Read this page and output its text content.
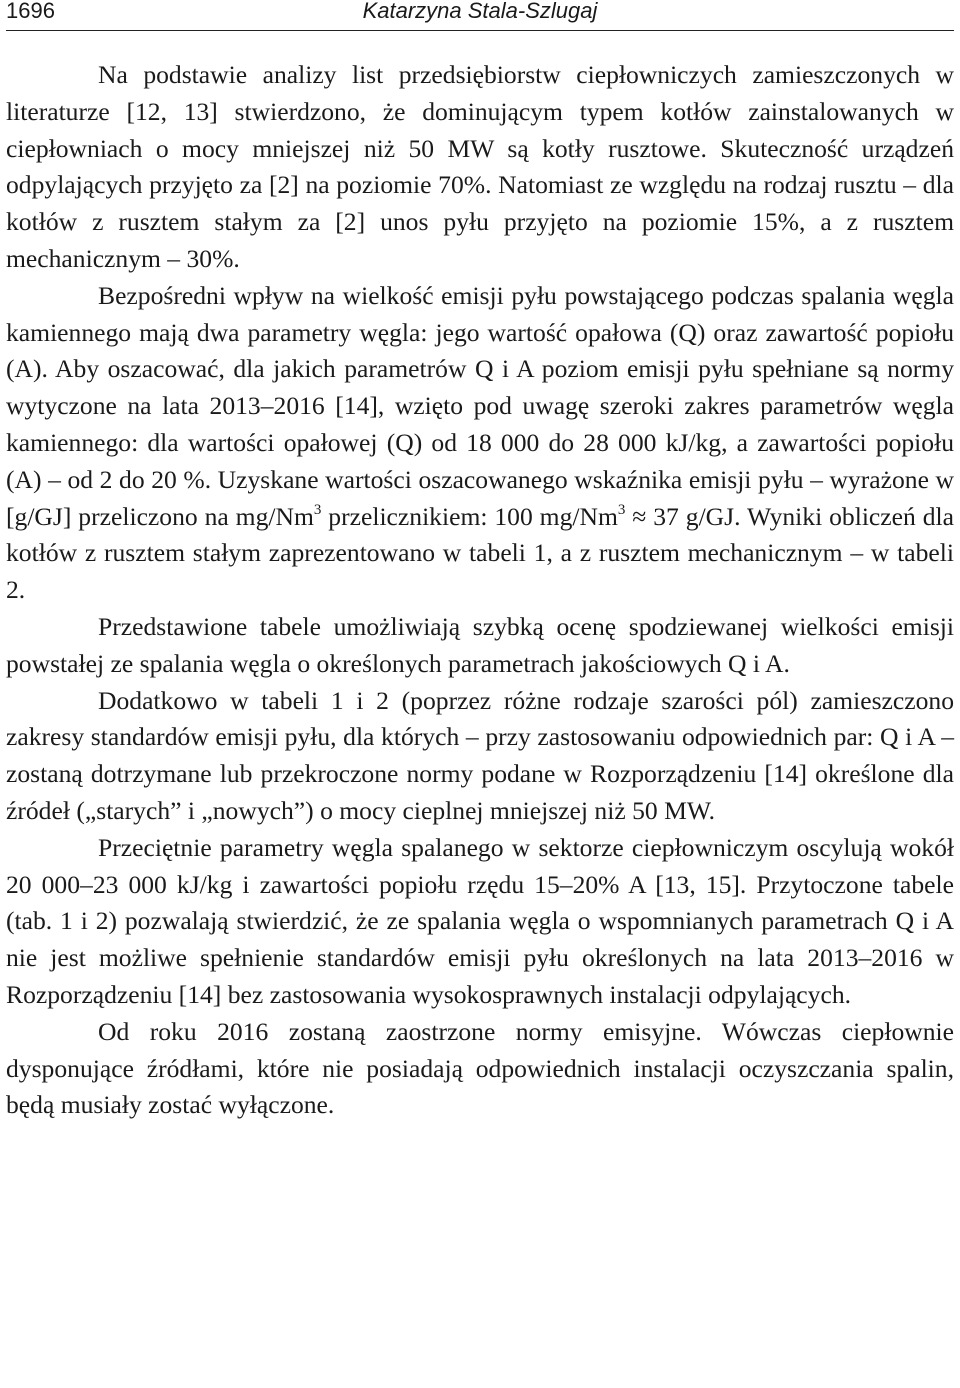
1696	Katarzyna Stala-Szlugaj

Na podstawie analizy list przedsiębiorstw ciepłowniczych zamieszczonych w literaturze [12, 13] stwierdzono, że dominującym typem kotłów zainstalowanych w ciepłowniach o mocy mniejszej niż 50 MW są kotły rusztowe. Skuteczność urządzeń odpylających przyjęto za [2] na poziomie 70%. Natomiast ze względu na rodzaj rusztu – dla kotłów z rusztem stałym za [2] unos pyłu przyjęto na poziomie 15%, a z rusztem mechanicznym – 30%.

Bezpośredni wpływ na wielkość emisji pyłu powstającego podczas spalania węgla kamiennego mają dwa parametry węgla: jego wartość opałowa (Q) oraz zawartość popiołu (A). Aby oszacować, dla jakich parametrów Q i A poziom emisji pyłu spełniane są normy wytyczone na lata 2013–2016 [14], wzięto pod uwagę szeroki zakres parametrów węgla kamiennego: dla wartości opałowej (Q) od 18 000 do 28 000 kJ/kg, a zawartości popiołu (A) – od 2 do 20 %. Uzyskane wartości oszacowanego wskaźnika emisji pyłu – wyrażone w [g/GJ] przeliczono na mg/Nm$^3$ przelicznikiem: 100 $mg/Nm^3 \approx 37$ g/GJ. Wyniki obliczeń dla kotłów z rusztem stałym zaprezentowano w tabeli 1, a z rusztem mechanicznym – w tabeli 2.

Przedstawione tabele umożliwiają szybką ocenę spodziewanej wielkości emisji powstałej ze spalania węgla o określonych parametrach jakościowych Q i A.

Dodatkowo w tabeli 1 i 2 (poprzez różne rodzaje szarości pól) zamieszczono zakresy standardów emisji pyłu, dla których – przy zastosowaniu odpowiednich par: Q i A – zostaną dotrzymane lub przekroczone normy podane w Rozporządzeniu [14] określone dla źródeł („starych” i „nowych”) o mocy cieplnej mniejszej niż 50 MW.

Przeciętnie parametry węgla spalanego w sektorze ciepłowniczym oscylują wokół 20 000–23 000 kJ/kg i zawartości popiołu rzędu 15–20% A [13, 15]. Przytoczone tabele (tab. 1 i 2) pozwalają stwierdzić, że ze spalania węgla o wspomnianych parametrach Q i A nie jest możliwe spełnienie standardów emisji pyłu określonych na lata 2013–2016 w Rozporządzeniu [14] bez zastosowania wysokosprawnych instalacji odpylających.

Od roku 2016 zostaną zaostrzone normy emisyjne. Wówczas ciepłownie dysponujące źródłami, które nie posiadają odpowiednich instalacji oczyszczania spalin, będą musiały zostać wyłączone.
